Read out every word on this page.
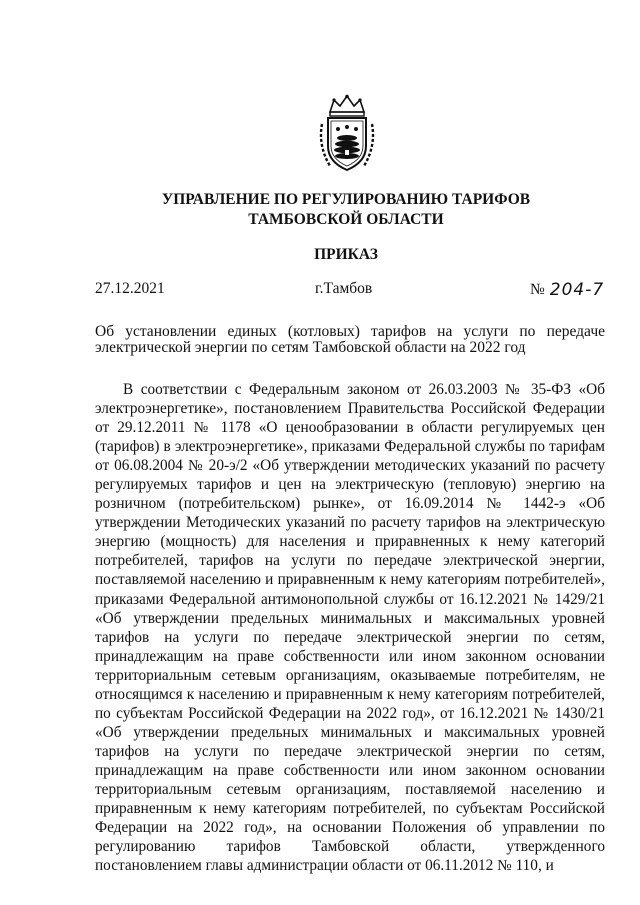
УПРАВЛЕНИЕ ПО РЕГУЛИРОВАНИЮ ТАРИФОВ
ТАМБОВСКОЙ ОБЛАСТИ
ПРИКАЗ
27.12.2021	г.Тамбов	№ 204-7
Об установлении единых (котловых) тарифов на услуги по передаче электрической энергии по сетям Тамбовской области на 2022 год
В соответствии с Федеральным законом от 26.03.2003 № 35-ФЗ «Об электроэнергетике», постановлением Правительства Российской Федерации от 29.12.2011 № 1178 «О ценообразовании в области регулируемых цен (тарифов) в электроэнергетике», приказами Федеральной службы по тарифам от 06.08.2004 № 20-э/2 «Об утверждении методических указаний по расчету регулируемых тарифов и цен на электрическую (тепловую) энергию на розничном (потребительском) рынке», от 16.09.2014 № 1442-э «Об утверждении Методических указаний по расчету тарифов на электрическую энергию (мощность) для населения и приравненных к нему категорий потребителей, тарифов на услуги по передаче электрической энергии, поставляемой населению и приравненным к нему категориям потребителей», приказами Федеральной антимонопольной службы от 16.12.2021 № 1429/21 «Об утверждении предельных минимальных и максимальных уровней тарифов на услуги по передаче электрической энергии по сетям, принадлежащим на праве собственности или ином законном основании территориальным сетевым организациям, оказываемые потребителям, не относящимся к населению и приравненным к нему категориям потребителей, по субъектам Российской Федерации на 2022 год», от 16.12.2021 № 1430/21 «Об утверждении предельных минимальных и максимальных уровней тарифов на услуги по передаче электрической энергии по сетям, принадлежащим на праве собственности или ином законном основании территориальным сетевым организациям, поставляемой населению и приравненным к нему категориям потребителей, по субъектам Российской Федерации на 2022 год», на основании Положения об управлении по регулированию тарифов Тамбовской области, утвержденного постановлением главы администрации области от 06.11.2012 № 110, и
